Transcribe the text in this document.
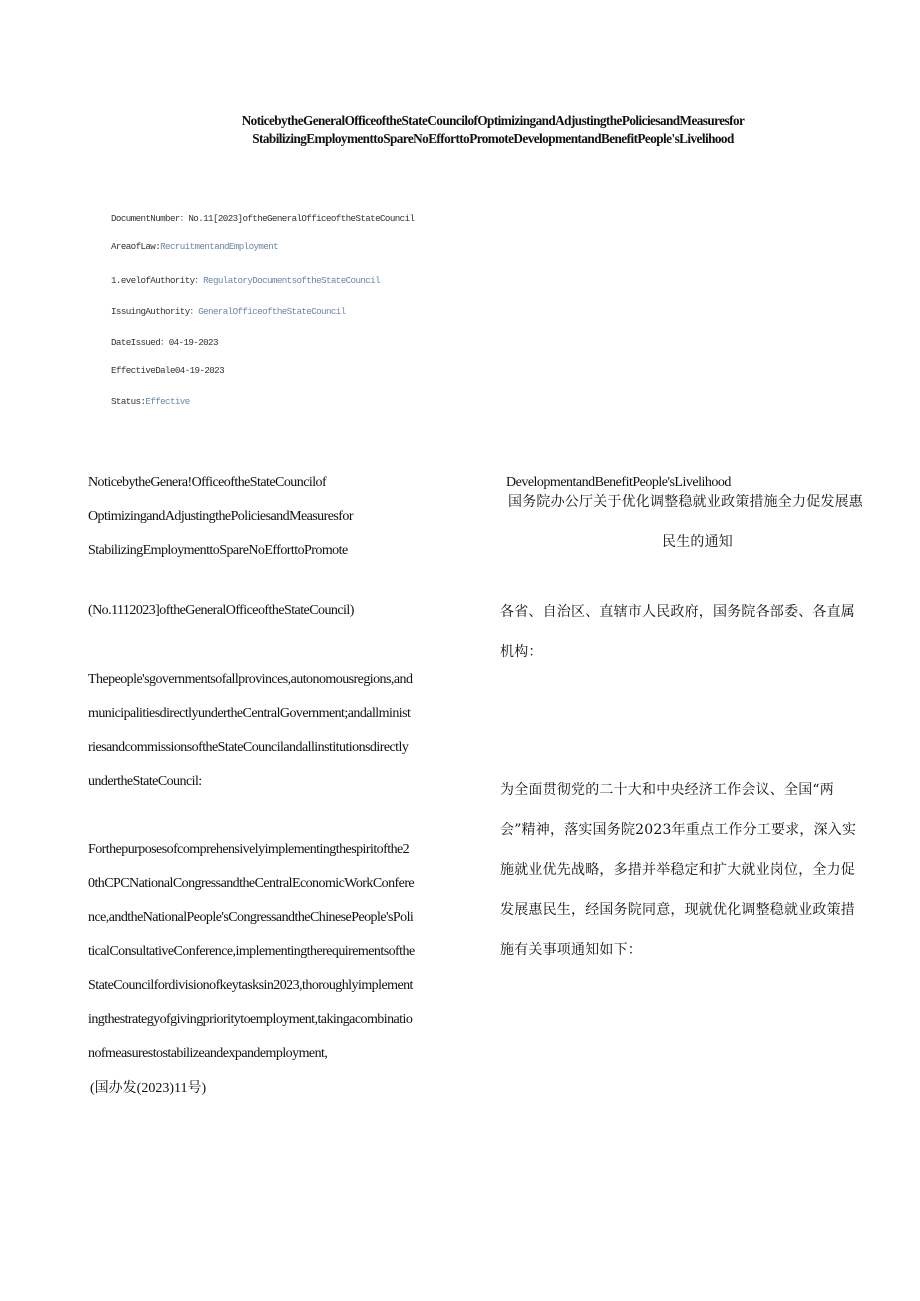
NoticebytheGeneralOfficeoftheStateCouncilofOptimizingandAdjustingthePoliciesandMeasuresfor
StabilizingEmploymenttoSpareNoEfforttoPromoteDevelopmentandBenefitPeople'sLivelihood
DocumentNumber：No.11[2023]oftheGeneralOfficeoftheStateCouncil
AreaofLaw:RecruitmentandEmployment
1.evelofAuthority：RegulatoryDocumentsoftheStateCouncil
IssuingAuthority：GeneralOfficeoftheStateCouncil
DateIssued：04-19-2023
EffectiveDale04-19-2023
Status:Effective
NoticebytheGenera!OfficeoftheStateCouncilof
OptimizingandAdjustingthePoliciesandMeasuresfor
StabilizingEmploymenttoSpareNoEfforttoPromote
(No.1112023]oftheGeneralOfficeoftheStateCouncil)
Thepeople'sgovernmentsofallprovinces,autonomousregions,and
municipalitiesdirectlyundertheCentralGovernment;andallminist
riesandcommissionsoftheStateCouncilandallinstitutionsdirectly
undertheStateCouncil:
Forthepurposesofcomprehensivelyimplementingthespiritofthe2
0thCPCNationalCongressandtheCentralEconomicWorkConfere
nce,andtheNationalPeople'sCongressandtheChinesePeople'sPoli
ticalConsultativeConference,implementingtherequirementsofthe
StateCouncilfordivisionofkeytasksin2023,thoroughlyimplement
ingthestrategyofgivingprioritytoemployment,takingacombinatio
nofmeasurestostabilizeandexpandemployment,
(国办发(2023)11号)
DevelopmentandBenefitPeople'sLivelihood
国务院办公厅关于优化调整稳就业政策措施全力促发展惠
民生的通知
各省、自治区、直辖市人民政府，国务院各部委、各直属
机构：
为全面贯彻党的二十大和中央经济工作会议、全国“两
会”精神，落实国务院2023年重点工作分工要求，深入实
施就业优先战略，多措并举稳定和扩大就业岗位，全力促
发展惠民生，经国务院同意，现就优化调整稳就业政策措
施有关事项通知如下：
